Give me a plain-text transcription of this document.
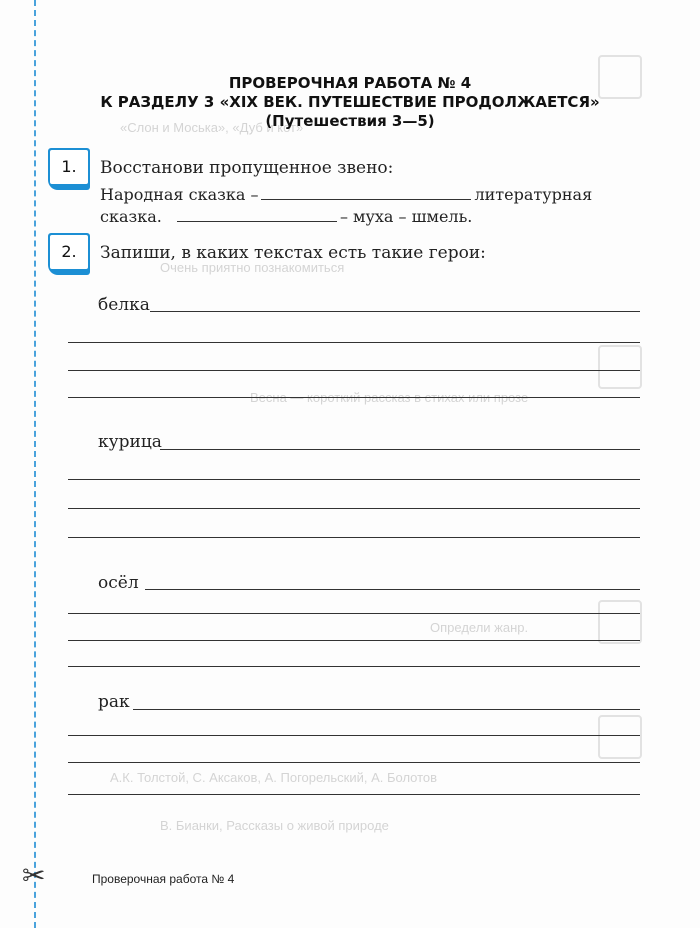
«Слон и Моська», «Дуб и кот»
Очень приятно познакомиться
Весна — короткий рассказ в стихах или прозе
Определи жанр.
А.К. Толстой, С. Аксаков, А. Погорельский, А. Болотов
В. Бианки, Рассказы о живой природе
ПРОВЕРОЧНАЯ РАБОТА № 4
К РАЗДЕЛУ 3 «XIX ВЕК. ПУТЕШЕСТВИЕ ПРОДОЛЖАЕТСЯ»
(Путешествия 3—5)
1.	Восстанови пропущенное звено:
Народная сказка –	литературная
сказка.	– муха – шмель.
2.	Запиши, в каких текстах есть такие герои:
белка
курица
осёл
рак
✂	Проверочная работа № 4
